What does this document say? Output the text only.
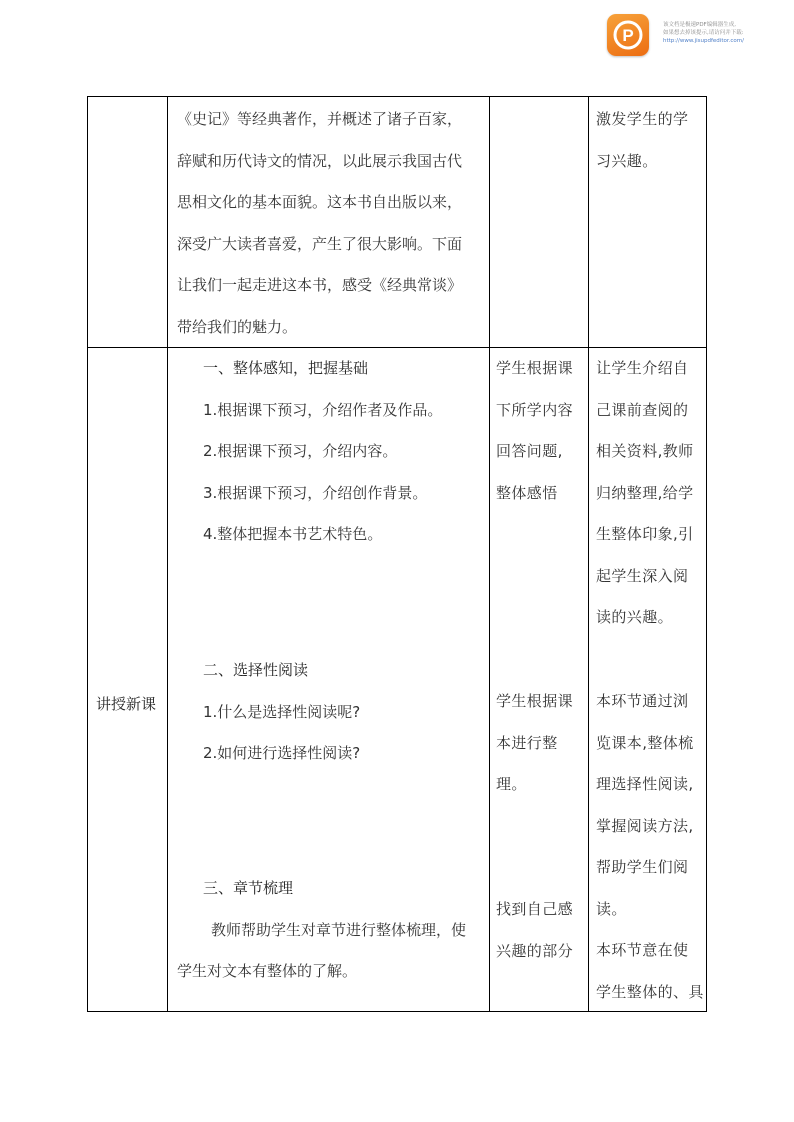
P
该文档是极速PDF编辑器生成,
如果想去掉该提示,请访问并下载:
http://www.jisupdfeditor.com/

《史记》等经典著作，并概述了诸子百家，

辞赋和历代诗文的情况，以此展示我国古代

思相文化的基本面貌。这本书自出版以来，

深受广大读者喜爱，产生了很大影响。下面

让我们一起走进这本书，感受《经典常谈》

带给我们的魅力。

激发学生的学

习兴趣。

讲授新课

一、整体感知，把握基础

1.根据课下预习，介绍作者及作品。

2.根据课下预习，介绍内容。

3.根据课下预习，介绍创作背景。

4.整体把握本书艺术特色。

二、选择性阅读

1.什么是选择性阅读呢?

2.如何进行选择性阅读?

三、章节梳理

教师帮助学生对章节进行整体梳理，使

学生对文本有整体的了解。

学生根据课

下所学内容

回答问题,

整体感悟

学生根据课

本进行整理。

找到自己感

兴趣的部分

让学生介绍自

己课前查阅的

相关资料,教师

归纳整理,给学

生整体印象,引

起学生深入阅

读的兴趣。

本环节通过浏

览课本,整体梳

理选择性阅读,

掌握阅读方法,

帮助学生们阅

读。

本环节意在使

学生整体的、具
